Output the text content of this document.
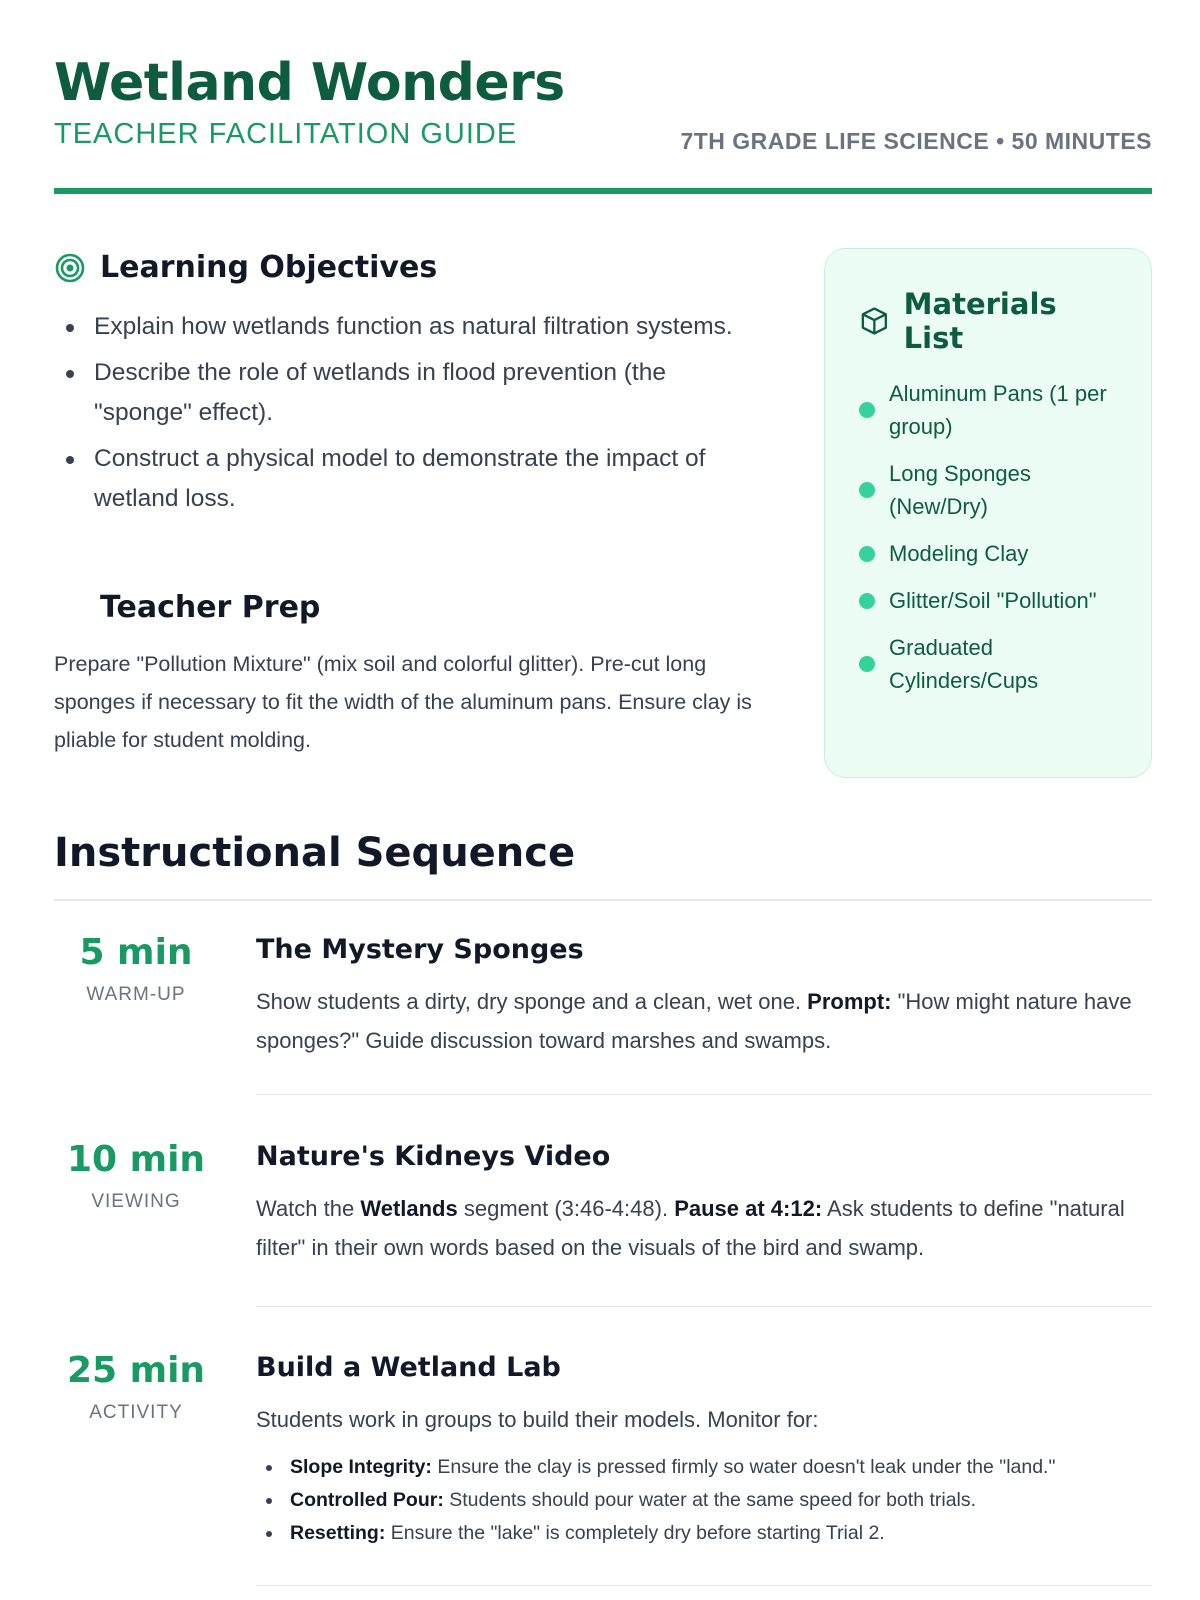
Wetland Wonders
TEACHER FACILITATION GUIDE	7TH GRADE LIFE SCIENCE • 50 MINUTES
Learning Objectives
Explain how wetlands function as natural filtration systems.
Describe the role of wetlands in flood prevention (the "sponge" effect).
Construct a physical model to demonstrate the impact of wetland loss.
Teacher Prep

Prepare "Pollution Mixture" (mix soil and colorful glitter). Pre-cut long sponges if necessary to fit the width of the aluminum pans. Ensure clay is pliable for student molding.

Materials List
Aluminum Pans (1 per group)
Long Sponges (New/Dry)
Modeling Clay
Glitter/Soil "Pollution"
Graduated Cylinders/Cups
Instructional Sequence
5 min
WARM-UP
The Mystery Sponges

Show students a dirty, dry sponge and a clean, wet one. Prompt: "How might nature have sponges?" Guide discussion toward marshes and swamps.

10 min
VIEWING
Nature's Kidneys Video

Watch the Wetlands segment (3:46-4:48). Pause at 4:12: Ask students to define "natural filter" in their own words based on the visuals of the bird and swamp.

25 min
ACTIVITY
Build a Wetland Lab

Students work in groups to build their models. Monitor for:

Slope Integrity: Ensure the clay is pressed firmly so water doesn't leak under the "land."
Controlled Pour: Students should pour water at the same speed for both trials.
Resetting: Ensure the "lake" is completely dry before starting Trial 2.
